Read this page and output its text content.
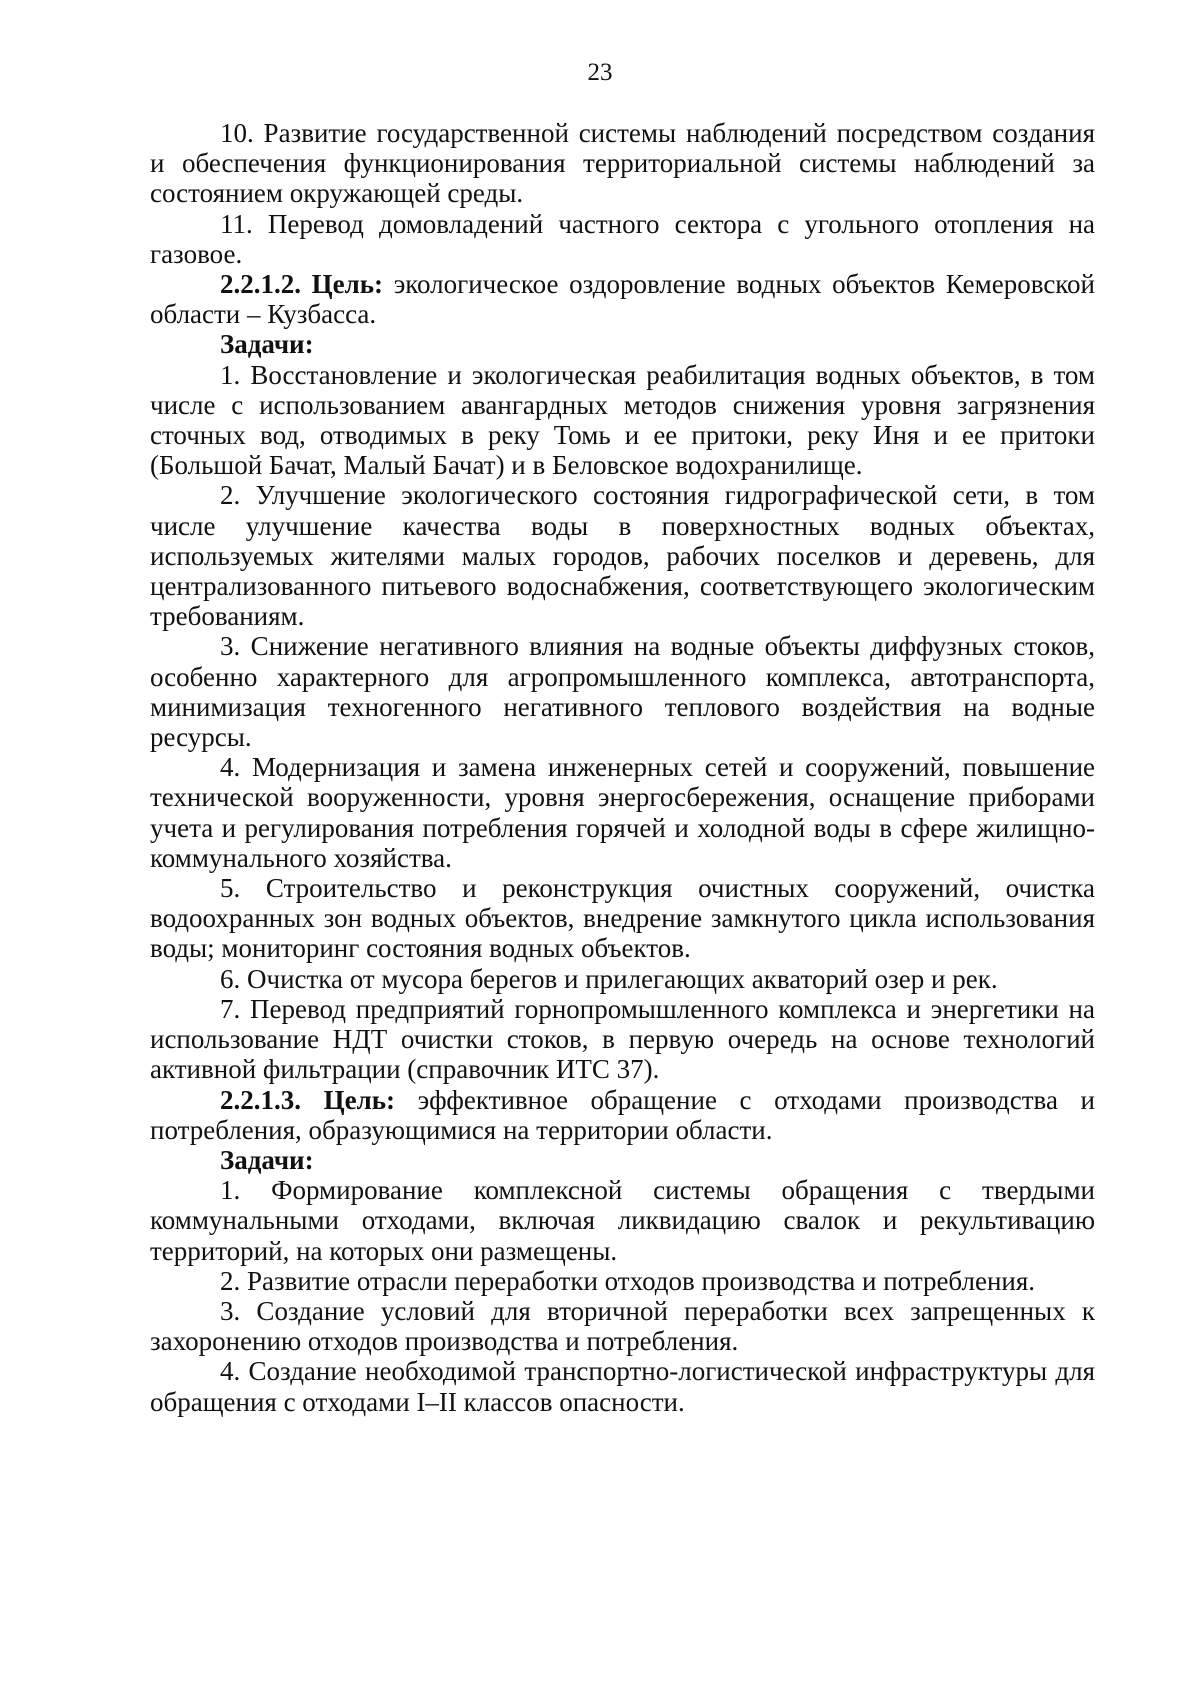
23

10. Развитие государственной системы наблюдений посредством создания и обеспечения функционирования территориальной системы наблюдений за состоянием окружающей среды.

11. Перевод домовладений частного сектора с угольного отопления на газовое.

2.2.1.2. Цель: экологическое оздоровление водных объектов Кемеровской области – Кузбасса.

Задачи:

1. Восстановление и экологическая реабилитация водных объектов, в том числе с использованием авангардных методов снижения уровня загрязнения сточных вод, отводимых в реку Томь и ее притоки, реку Иня и ее притоки (Большой Бачат, Малый Бачат) и в Беловское водохранилище.

2. Улучшение экологического состояния гидрографической сети, в том числе улучшение качества воды в поверхностных водных объектах, используемых жителями малых городов, рабочих поселков и деревень, для централизованного питьевого водоснабжения, соответствующего экологическим требованиям.

3. Снижение негативного влияния на водные объекты диффузных стоков, особенно характерного для агропромышленного комплекса, автотранспорта, минимизация техногенного негативного теплового воздействия на водные ресурсы.

4. Модернизация и замена инженерных сетей и сооружений, повышение технической вооруженности, уровня энергосбережения, оснащение приборами учета и регулирования потребления горячей и холодной воды в сфере жилищно-коммунального хозяйства.

5. Строительство и реконструкция очистных сооружений, очистка водоохранных зон водных объектов, внедрение замкнутого цикла использования воды; мониторинг состояния водных объектов.

6. Очистка от мусора берегов и прилегающих акваторий озер и рек.

7. Перевод предприятий горнопромышленного комплекса и энергетики на использование НДТ очистки стоков, в первую очередь на основе технологий активной фильтрации (справочник ИТС 37).

2.2.1.3. Цель: эффективное обращение с отходами производства и потребления, образующимися на территории области.

Задачи:

1. Формирование комплексной системы обращения с твердыми коммунальными отходами, включая ликвидацию свалок и рекультивацию территорий, на которых они размещены.

2. Развитие отрасли переработки отходов производства и потребления.

3. Создание условий для вторичной переработки всех запрещенных к захоронению отходов производства и потребления.

4. Создание необходимой транспортно-логистической инфраструктуры для обращения с отходами I–II классов опасности.
